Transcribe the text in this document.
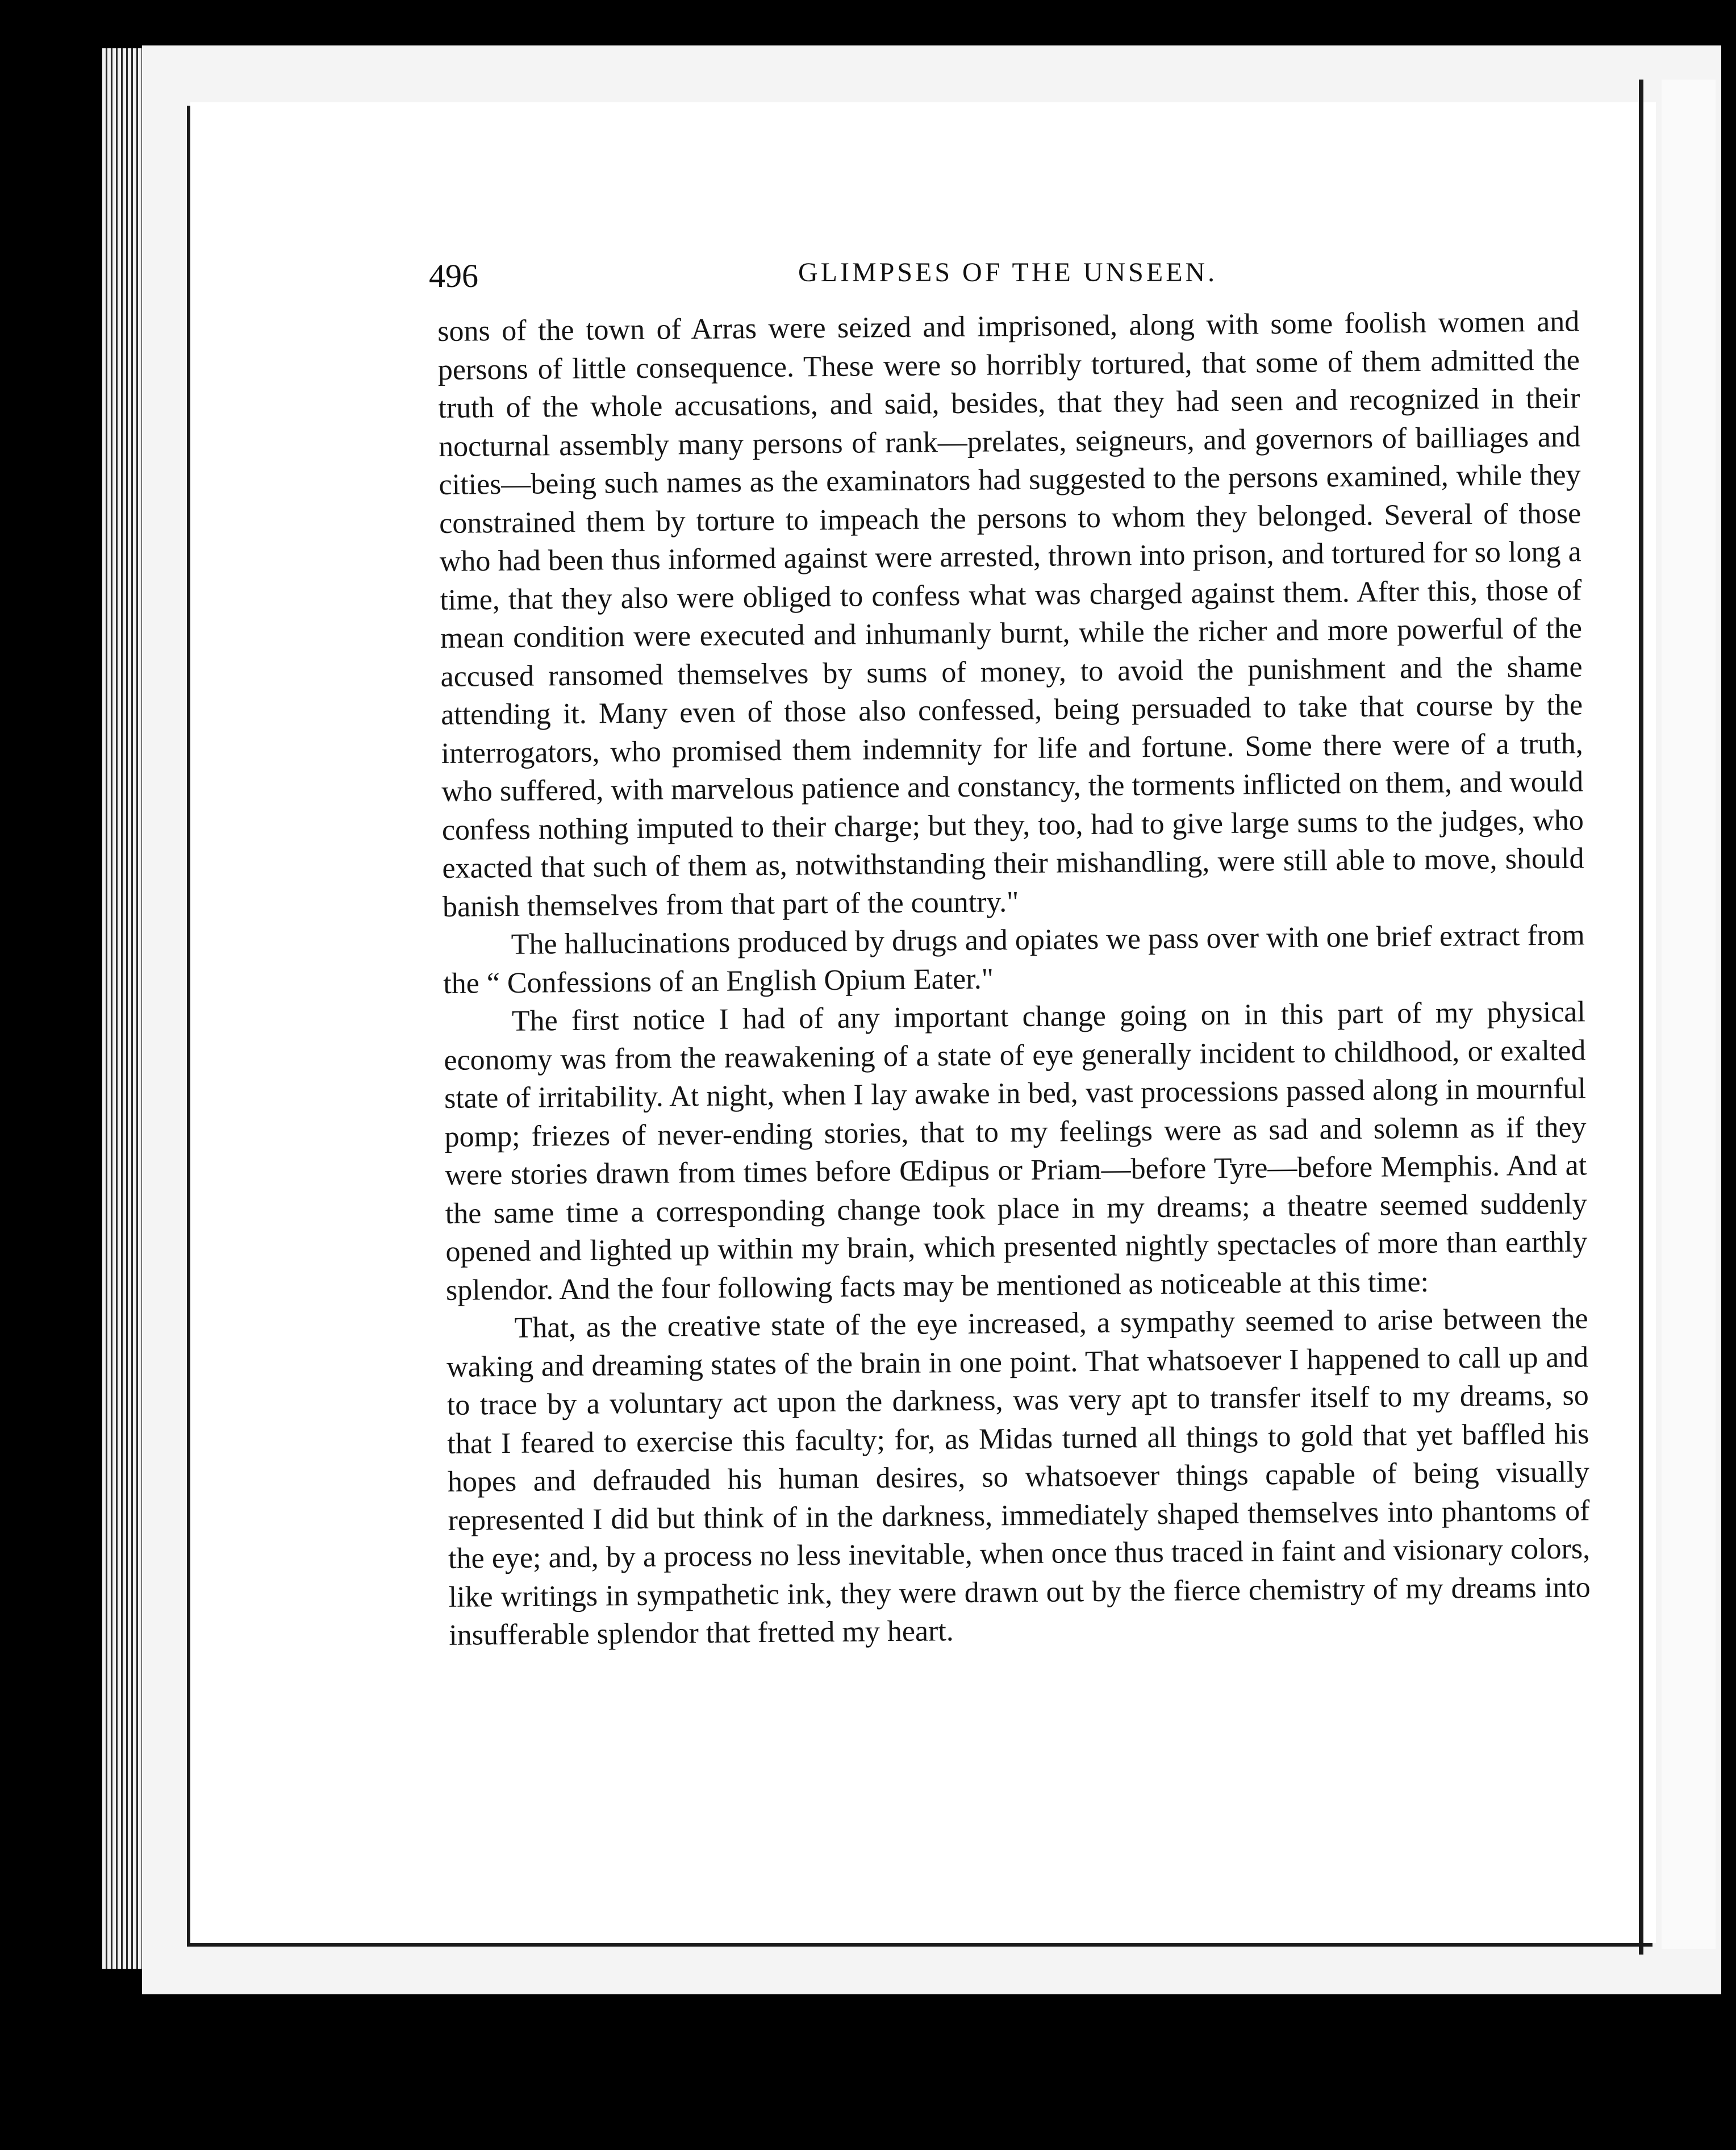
496	GLIMPSES OF THE UNSEEN.

sons of the town of Arras were seized and imprisoned, along with some foolish women and persons of little consequence. These were so horribly tortured, that some of them admitted the truth of the whole accusations, and said, besides, that they had seen and recognized in their nocturnal assembly many persons of rank—prelates, seigneurs, and governors of bailliages and cities—being such names as the examinators had suggested to the persons examined, while they constrained them by torture to impeach the persons to whom they belonged. Several of those who had been thus informed against were arrested, thrown into prison, and tortured for so long a time, that they also were obliged to confess what was charged against them. After this, those of mean condition were executed and inhumanly burnt, while the richer and more powerful of the accused ransomed themselves by sums of money, to avoid the punishment and the shame attending it. Many even of those also confessed, being persuaded to take that course by the interrogators, who promised them indemnity for life and fortune. Some there were of a truth, who suffered, with marvelous patience and constancy, the torments inflicted on them, and would confess nothing imputed to their charge; but they, too, had to give large sums to the judges, who exacted that such of them as, notwithstanding their mishandling, were still able to move, should banish themselves from that part of the country."

The hallucinations produced by drugs and opiates we pass over with one brief extract from the “ Confessions of an English Opium Eater."

The first notice I had of any important change going on in this part of my physical economy was from the reawakening of a state of eye generally incident to childhood, or exalted state of irritability. At night, when I lay awake in bed, vast processions passed along in mournful pomp; friezes of never-ending stories, that to my feelings were as sad and solemn as if they were stories drawn from times before Œdipus or Priam—before Tyre—before Memphis. And at the same time a corresponding change took place in my dreams; a theatre seemed suddenly opened and lighted up within my brain, which presented nightly spectacles of more than earthly splendor. And the four following facts may be mentioned as noticeable at this time:

That, as the creative state of the eye increased, a sympathy seemed to arise between the waking and dreaming states of the brain in one point. That whatsoever I happened to call up and to trace by a voluntary act upon the darkness, was very apt to transfer itself to my dreams, so that I feared to exercise this faculty; for, as Midas turned all things to gold that yet baffled his hopes and defrauded his human desires, so whatsoever things capable of being visually represented I did but think of in the darkness, immediately shaped themselves into phantoms of the eye; and, by a process no less inevitable, when once thus traced in faint and visionary colors, like writings in sympathetic ink, they were drawn out by the fierce chemistry of my dreams into insufferable splendor that fretted my heart.
